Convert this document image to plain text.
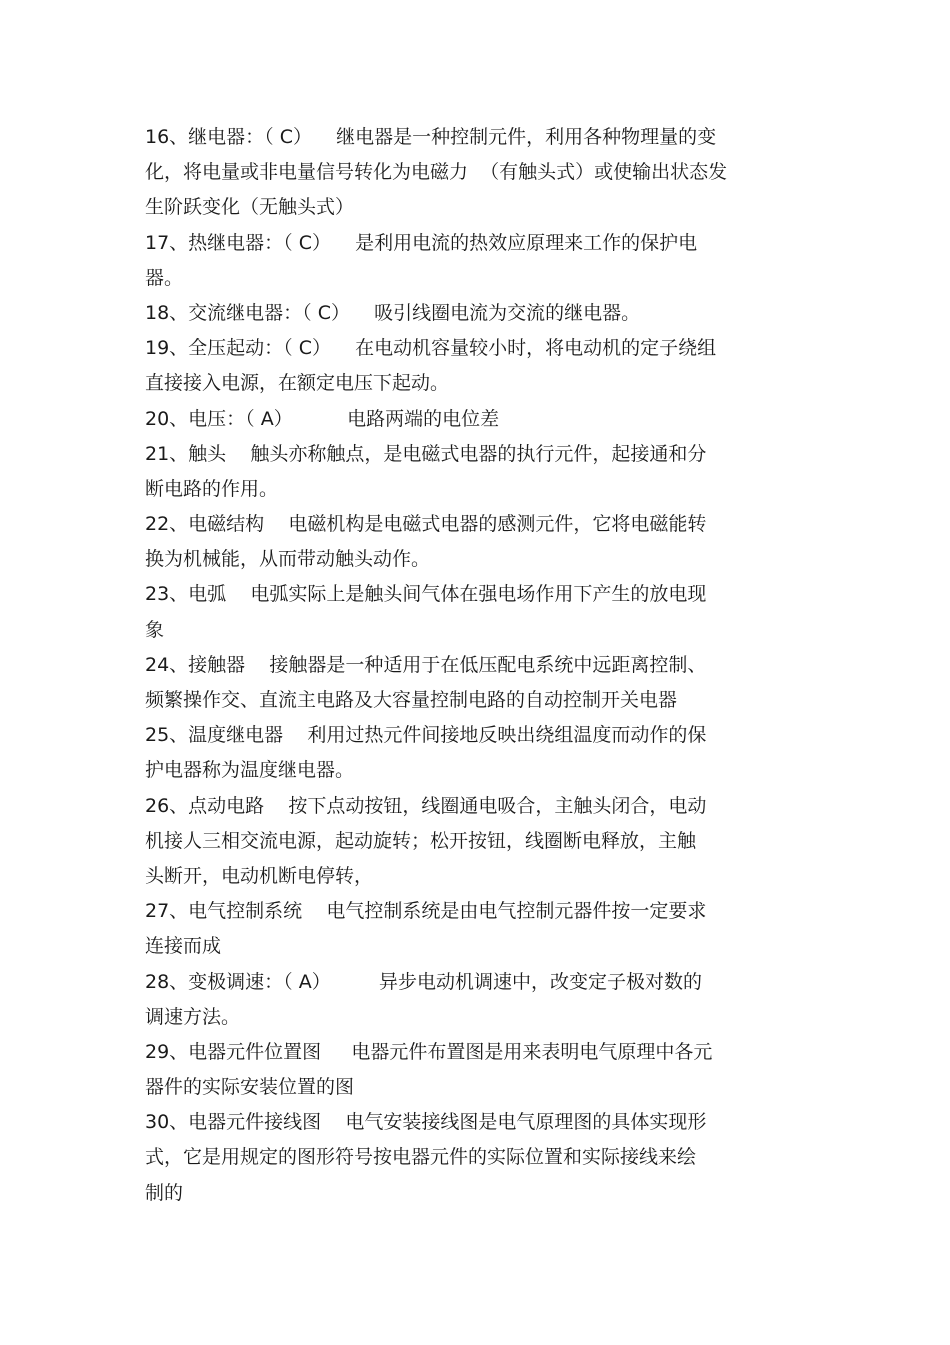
16、继电器：（ C）    继电器是一种控制元件，利用各种物理量的变
化，将电量或非电量信号转化为电磁力  （有触头式）或使输出状态发
生阶跃变化（无触头式）
17、热继电器：（ C）    是利用电流的热效应原理来工作的保护电
器。
18、交流继电器：（ C）    吸引线圈电流为交流的继电器。
19、全压起动：（ C）    在电动机容量较小时，将电动机的定子绕组
直接接入电源，在额定电压下起动。
20、电压：（ A）         电路两端的电位差
21、触头    触头亦称触点，是电磁式电器的执行元件，起接通和分
断电路的作用。
22、电磁结构    电磁机构是电磁式电器的感测元件，它将电磁能转
换为机械能，从而带动触头动作。
23、电弧    电弧实际上是触头间气体在强电场作用下产生的放电现
象
24、接触器    接触器是一种适用于在低压配电系统中远距离控制、
频繁操作交、直流主电路及大容量控制电路的自动控制开关电器
25、温度继电器    利用过热元件间接地反映出绕组温度而动作的保
护电器称为温度继电器。
26、点动电路    按下点动按钮，线圈通电吸合，主触头闭合，电动
机接人三相交流电源，起动旋转；松开按钮，线圈断电释放，主触
头断开，电动机断电停转，
27、电气控制系统    电气控制系统是由电气控制元器件按一定要求
连接而成
28、变极调速：（ A）        异步电动机调速中，改变定子极对数的
调速方法。
29、电器元件位置图     电器元件布置图是用来表明电气原理中各元
器件的实际安装位置的图
30、电器元件接线图    电气安装接线图是电气原理图的具体实现形
式，它是用规定的图形符号按电器元件的实际位置和实际接线来绘
制的
